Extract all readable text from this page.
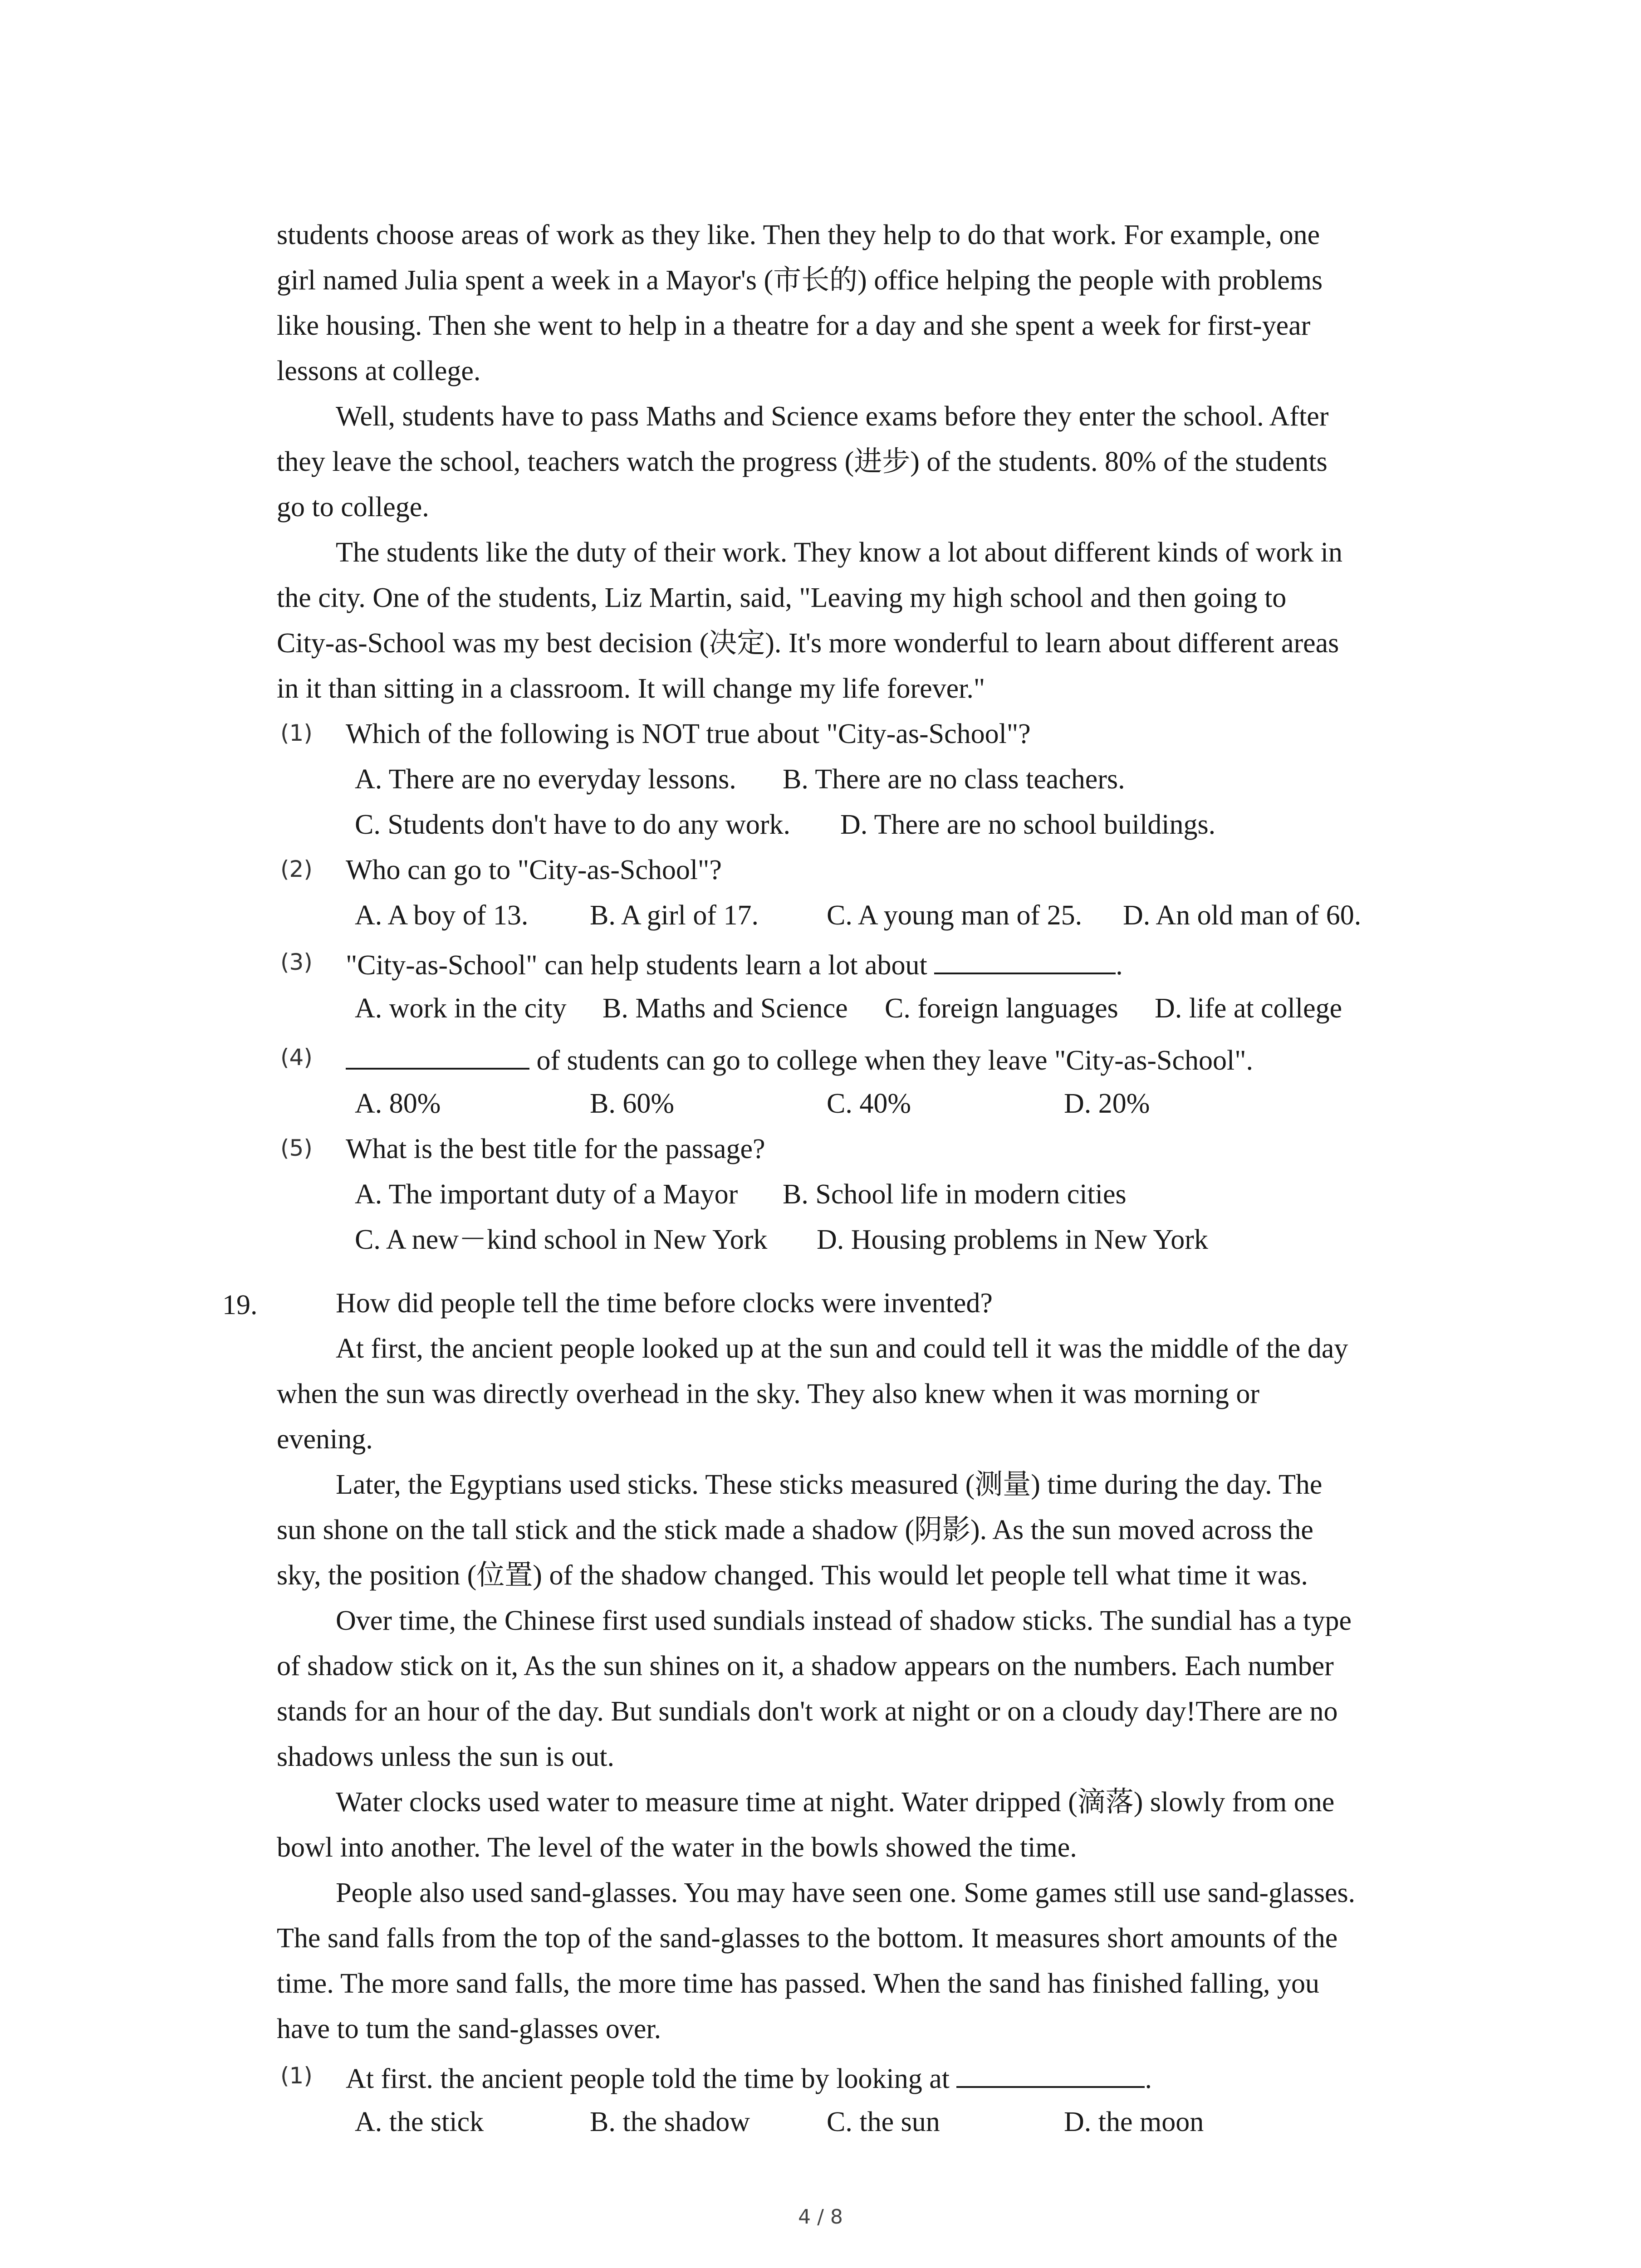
students choose areas of work as they like. Then they help to do that work. For example, one
girl named Julia spent a week in a Mayor's (市长的) office helping the people with problems
like housing. Then she went to help in a theatre for a day and she spent a week for first-year
lessons at college.
Well, students have to pass Maths and Science exams before they enter the school. After
they leave the school, teachers watch the progress (进步) of the students. 80% of the students
go to college.
The students like the duty of their work. They know a lot about different kinds of work in
the city. One of the students, Liz Martin, said, "Leaving my high school and then going to
City-as-School was my best decision (决定). It's more wonderful to learn about different areas
in it than sitting in a classroom. It will change my life forever."
(1) Which of the following is NOT true about "City-as-School"?
A. There are no everyday lessons. B. There are no class teachers.
C. Students don't have to do any work. D. There are no school buildings.
(2) Who can go to "City-as-School"?
A. A boy of 13. B. A girl of 17. C. A young man of 25. D. An old man of 60.
(3) "City-as-School" can help students learn a lot about	.
A. work in the city B. Maths and Science C. foreign languages D. life at college
(4)	of students can go to college when they leave "City-as-School".
A. 80%	B. 60%	C. 40%	D. 20%
(5) What is the best title for the passage?
A. The important duty of a Mayor B. School life in modern cities
C. A new－kind school in New York D. Housing problems in New York
19.	How did people tell the time before clocks were invented?
At first, the ancient people looked up at the sun and could tell it was the middle of the day
when the sun was directly overhead in the sky. They also knew when it was morning or
evening.
Later, the Egyptians used sticks. These sticks measured (测量) time during the day. The
sun shone on the tall stick and the stick made a shadow (阴影). As the sun moved across the
sky, the position (位置) of the shadow changed. This would let people tell what time it was.
Over time, the Chinese first used sundials instead of shadow sticks. The sundial has a type
of shadow stick on it, As the sun shines on it, a shadow appears on the numbers. Each number
stands for an hour of the day. But sundials don't work at night or on a cloudy day!There are no
shadows unless the sun is out.
Water clocks used water to measure time at night. Water dripped (滴落) slowly from one
bowl into another. The level of the water in the bowls showed the time.
People also used sand-glasses. You may have seen one. Some games still use sand-glasses.
The sand falls from the top of the sand-glasses to the bottom. It measures short amounts of the
time. The more sand falls, the more time has passed. When the sand has finished falling, you
have to tum the sand-glasses over.
(1) At first. the ancient people told the time by looking at	.
A. the stick	B. the shadow	C. the sun	D. the moon
4 / 8
